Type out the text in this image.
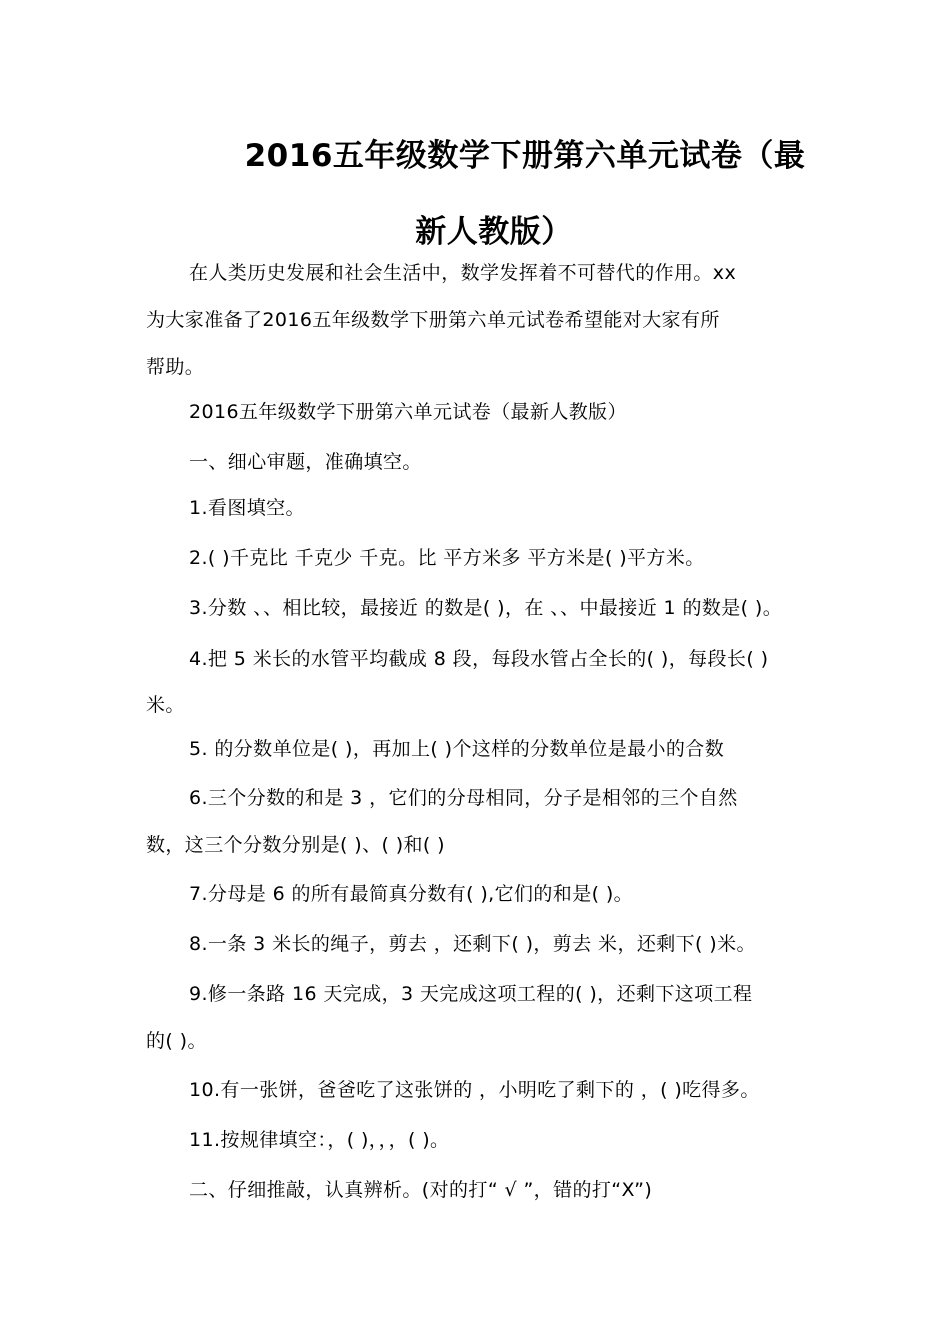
2016五年级数学下册第六单元试卷（最
新人教版）
在人类历史发展和社会生活中，数学发挥着不可替代的作用。xx
为大家准备了2016五年级数学下册第六单元试卷希望能对大家有所
帮助。
2016五年级数学下册第六单元试卷（最新人教版）
一、细心审题，准确填空。
1.看图填空。
2.( )千克比 千克少 千克。比 平方米多 平方米是( )平方米。
3.分数 、、相比较，最接近 的数是( )，在 、、中最接近 1 的数是( )。
4.把 5 米长的水管平均截成 8 段，每段水管占全长的( )，每段长( )
米。
5. 的分数单位是( )，再加上( )个这样的分数单位是最小的合数
6.三个分数的和是 3 ，它们的分母相同，分子是相邻的三个自然
数，这三个分数分别是( )、( )和( )
7.分母是 6 的所有最简真分数有( ),它们的和是( )。
8.一条 3 米长的绳子，剪去 ，还剩下( )，剪去 米，还剩下( )米。
9.修一条路 16 天完成，3 天完成这项工程的( )，还剩下这项工程
的( )。
10.有一张饼，爸爸吃了这张饼的 ，小明吃了剩下的 ，( )吃得多。
11.按规律填空：，( )，，，( )。
二、仔细推敲，认真辨析。(对的打“ √ ”，错的打“X”)
